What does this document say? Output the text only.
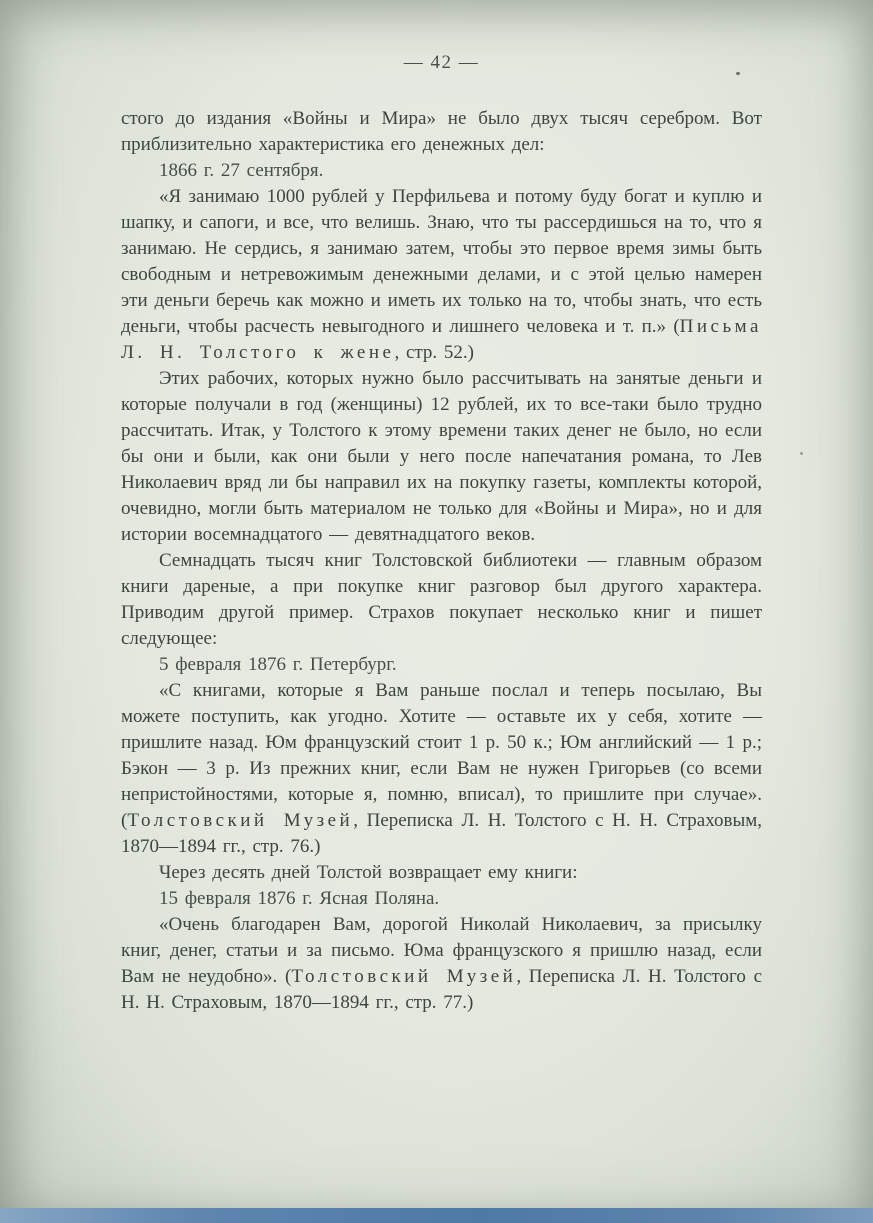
— 42 —

стого до издания «Войны и Мира» не было двух тысяч серебром. Вот приблизительно характеристика его денежных дел:

1866 г. 27 сентября.

«Я занимаю 1000 рублей у Перфильева и потому буду богат и куплю и шапку, и сапоги, и все, что велишь. Знаю, что ты рассердишься на то, что я занимаю. Не сердись, я занимаю затем, чтобы это первое время зимы быть свободным и нетревожимым денежными делами, и с этой целью намерен эти деньги беречь как можно и иметь их только на то, чтобы знать, что есть деньги, чтобы расчесть невыгодного и лишнего человека и т. п.» (Письма Л. Н. Толстого к жене, стр. 52.)

Этих рабочих, которых нужно было рассчитывать на занятые деньги и которые получали в год (женщины) 12 рублей, их то все-таки было трудно рассчитать. Итак, у Толстого к этому времени таких денег не было, но если бы они и были, как они были у него после напечатания романа, то Лев Николаевич вряд ли бы направил их на покупку газеты, комплекты которой, очевидно, могли быть материалом не только для «Войны и Мира», но и для истории восемнадцатого — девятнадцатого веков.

Семнадцать тысяч книг Толстовской библиотеки — главным образом книги дареные, а при покупке книг разговор был другого характера. Приводим другой пример. Страхов покупает несколько книг и пишет следующее:

5 февраля 1876 г. Петербург.

«С книгами, которые я Вам раньше послал и теперь посылаю, Вы можете поступить, как угодно. Хотите — оставьте их у себя, хотите — пришлите назад. Юм французский стоит 1 р. 50 к.; Юм английский — 1 р.; Бэкон — 3 р. Из прежних книг, если Вам не нужен Григорьев (со всеми непристойностями, которые я, помню, вписал), то пришлите при случае». (Толстовский Музей, Переписка Л. Н. Толстого с Н. Н. Страховым, 1870—1894 гг., стр. 76.)

Через десять дней Толстой возвращает ему книги:

15 февраля 1876 г. Ясная Поляна.

«Очень благодарен Вам, дорогой Николай Николаевич, за присылку книг, денег, статьи и за письмо. Юма французского я пришлю назад, если Вам не неудобно». (Толстовский Музей, Переписка Л. Н. Толстого с Н. Н. Страховым, 1870—1894 гг., стр. 77.)
